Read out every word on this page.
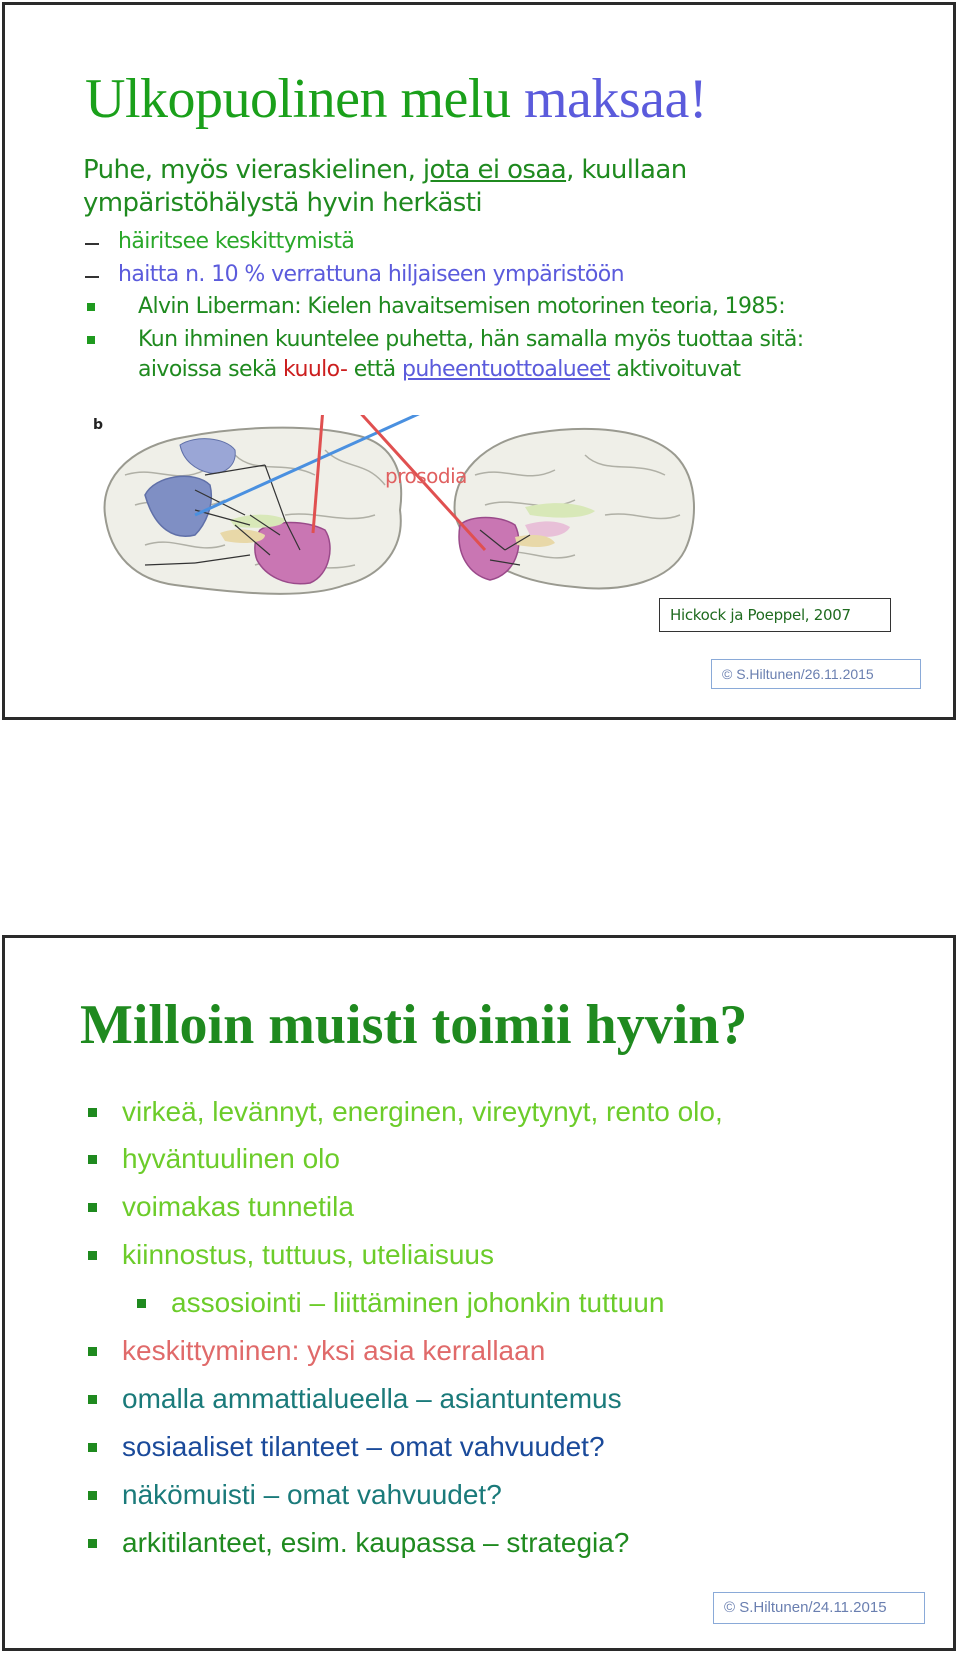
Ulkopuolinen melu maksaa!
Puhe, myös vieraskielinen, jota ei osaa, kuullaan
ympäristöhälystä hyvin herkästi
häiritsee keskittymistä
haitta n. 10 % verrattuna hiljaiseen ympäristöön
Alvin Liberman: Kielen havaitsemisen motorinen teoria, 1985:
Kun ihminen kuuntelee puhetta, hän samalla myös tuottaa sitä:
aivoissa sekä kuulo- että puheentuottoalueet aktivoituvat
b
prosodia
Hickock ja Poeppel, 2007
© S.Hiltunen/26.11.2015
Milloin muisti toimii hyvin?
virkeä, levännyt, energinen, vireytynyt, rento olo,
hyväntuulinen olo
voimakas tunnetila
kiinnostus, tuttuus, uteliaisuus
assosiointi – liittäminen johonkin tuttuun
keskittyminen: yksi asia kerrallaan
omalla ammattialueella – asiantuntemus
sosiaaliset tilanteet – omat vahvuudet?
näkömuisti – omat vahvuudet?
arkitilanteet, esim. kaupassa – strategia?
© S.Hiltunen/24.11.2015
